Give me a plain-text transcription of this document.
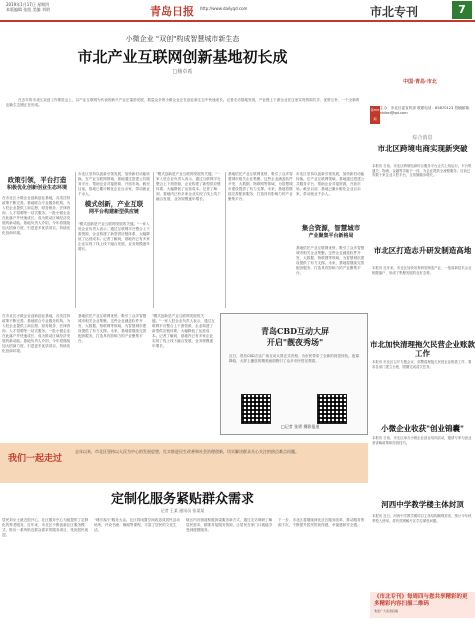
2019年1月17日 星期四
本版编辑 张凯 美编 刘明	青岛日报 http://www.dailyqd.com	市北专刊	7
小微企业 "双创"构成智慧城市新生态
市北产业互联网创新基地初长成
□杨卓希
在去年的市北区双创工作推进会上，以产业互联网为代表的新兴产业正蓬勃发展，数量众多的小微企业正在创业新生态中快速成长。记者走访基地发现，产业链上下游企业在这里实现资源共享、优势互补，一个全新的创新生态圈正在形成。
政策引领，平台打造
积极优化创新创业生态环境
在市北区小微企业创新创业基地，各类扶持政策不断完善。基地联合专业服务机构，为入驻企业提供工商注册、财务税务、法律咨询、人才招聘等一站式服务。一批小微企业在此落户并快速成长，成为推动区域经济发展的新动能。基地负责人介绍，今年将继续加大招商力度，引进更多优质项目，持续优化营商环境。
模式创新，产业互联
网平台构建新型供应链
市北区坚持以创新引领发展，加快新旧动能转换。在产业互联网领域，基地通过搭建公共服务平台，帮助企业对接资源，开拓市场。截至目前，基地已累计孵化企业百余家，带动就业千余人。
"模式创新是产业互联网发展的关键。"一家入驻企业负责人表示，通过互联网平台整合上下游资源，企业构建了新型供应链体系，大幅降低了运营成本。记者了解到，基地内已有多家企业实现了线上线下融合发展，业务规模逐年增长。
"模式创新是产业互联网发展的关键。"一家入驻企业负责人表示，通过互联网平台整合上下游资源，企业构建了新型供应链体系，大幅降低了运营成本。记者了解到，基地内已有多家企业实现了线上线下融合发展，业务规模逐年增长。
基地依托产业互联网优势，吸引了众多智慧城市相关企业集聚。这些企业涵盖软件开发、大数据、物联网等领域，为智慧城市建设提供了有力支撑。未来，基地将继续完善配套服务，打造具有影响力的产业聚集平台。
集合资源，智慧城市
产业聚集平台新格局
市北区坚持以创新引领发展，加快新旧动能转换。在产业互联网领域，基地通过搭建公共服务平台，帮助企业对接资源，开拓市场。截至目前，基地已累计孵化企业百余家，带动就业千余人。
基地依托产业互联网优势，吸引了众多智慧城市相关企业集聚。这些企业涵盖软件开发、大数据、物联网等领域，为智慧城市建设提供了有力支撑。未来，基地将继续完善配套服务，打造具有影响力的产业聚集平台。
在市北区小微企业创新创业基地，各类扶持政策不断完善。基地联合专业服务机构，为入驻企业提供工商注册、财务税务、法律咨询、人才招聘等一站式服务。一批小微企业在此落户并快速成长，成为推动区域经济发展的新动能。基地负责人介绍，今年将继续加大招商力度，引进更多优质项目，持续优化营商环境。
基地依托产业互联网优势，吸引了众多智慧城市相关企业集聚。这些企业涵盖软件开发、大数据、物联网等领域，为智慧城市建设提供了有力支撑。未来，基地将继续完善配套服务，打造具有影响力的产业聚集平台。
"模式创新是产业互联网发展的关键。"一家入驻企业负责人表示，通过互联网平台整合上下游资源，企业构建了新型供应链体系，大幅降低了运营成本。记者了解到，基地内已有多家企业实现了线上线下融合发展，业务规模逐年增长。
青岛CBD互动大屏
开启"靓夜秀场"
近日，青岛CBD万达广场互动大屏正式亮相，为市民带来了全新的视觉体验。夜幕降临，大屏上播放的精美画面吸引了众多市民驻足观看。
□记者 张勇 摄影报道
我们一起走过
去年以来，市北区坚持以人民为中心的发展思想，扎实推进民生改善和社会治理创新，切实解决群众关心关注的热点难点问题。
定制化服务紧贴群众需求
记者 王某 通讯员 张某某
居民刘女士最近很开心，社区服务中心为她提供了定制化的养老服务。近年来，市北区不断创新社区服务模式，推出一系列贴近群众需求的服务项目，受到居民欢迎。
"城市客厅"服务大众。社区将闲置空间改造成居民活动场所，开设书画、舞蹈等课程，丰富了居民的文化生活。
辖区内各街道积极探索服务新方式，通过走访调研了解居民需求，精准对接服务资源，让居民在家门口就能享受到便捷服务。
下一步，市北区将继续深化社区服务改革，推动服务资源下沉，不断提升居民的获得感、幸福感和安全感。
中国·青岛·市北
第305期
主办：市北区委宣传部 联系电话：85870123 投稿邮箱：shibei@qd.com
综合消息
市北区跨境电商实现新突破
本报讯 日前，市北区跨境电商综合服务平台正式上线运行。平台集通关、物流、金融等功能于一体，为企业提供全流程服务。目前已有数十家企业入驻平台，交易额稳步增长。
市北区打造志升研发制造高地
本报讯 近年来，市北区加快培育研发制造产业，一批高新技术企业相继落户，形成了集聚发展的良好态势。
市北加快清理拖欠民营企业账款工作
本报讯 市北区召开专题会议，部署清理拖欠民营企业账款工作，要求各部门建立台账，限期完成清欠任务。
小微企业收获"创业锦囊"
本报讯 日前，市北区举办小微企业创业培训活动，邀请专家为创业者讲解政策和经营技巧。
河西中学教学楼主体封顶
本报讯 近日，河西中学教学楼项目主体结构顺利封顶，预计今年秋季投入使用，将有效缓解片区学位紧张问题。
《市北专刊》每周四与您共享精彩的更多精彩内容扫描二维码
欢迎广大读者投稿
